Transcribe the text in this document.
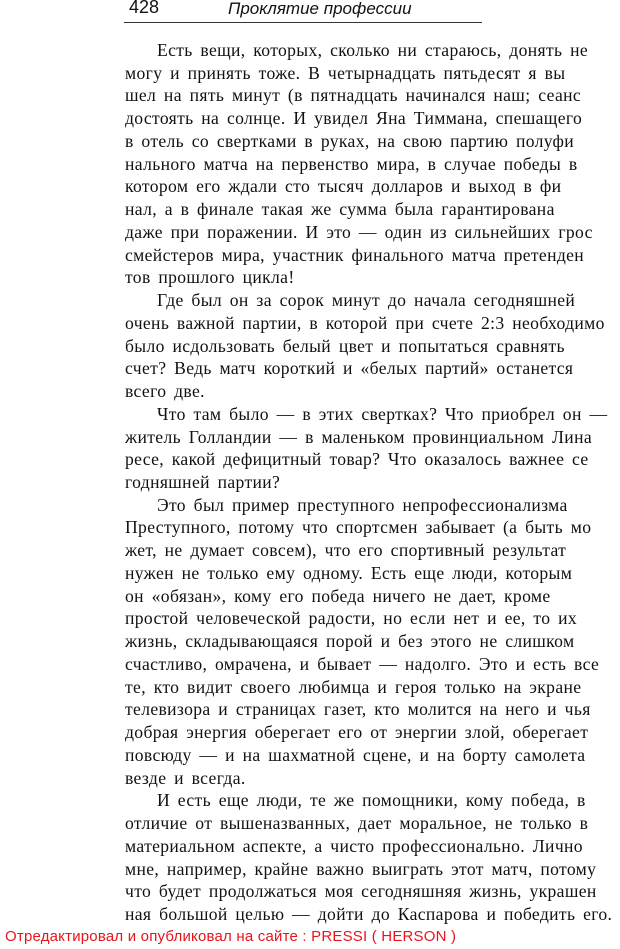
428	Проклятие профессии
Есть вещи, которых, сколько ни стараюсь, донять не
могу и принять тоже. В четырнадцать пятьдесят я вы
шел на пять минут (в пятнадцать начинался наш; сеанс
достоять на солнце. И увидел Яна Тиммана, спешащего
в отель со свертками в руках, на свою партию полуфи
нального матча на первенство мира, в случае победы в
котором его ждали сто тысяч долларов и выход в фи
нал, а в финале такая же сумма была гарантирована
даже при поражении. И это — один из сильнейших грос
смейстеров мира, участник финального матча претенден
тов прошлого цикла!
Где был он за сорок минут до начала сегодняшней
очень важной партии, в которой при счете 2:3 необходимо
было исдользовать белый цвет и попытаться сравнять
счет? Ведь матч короткий и «белых партий» останется
всего две.
Что там было — в этих свертках? Что приобрел он —
житель Голландии — в маленьком провинциальном Лина
ресе, какой дефицитный товар? Что оказалось важнее се
годняшней партии?
Это был пример преступного непрофессионализма
Преступного, потому что спортсмен забывает (а быть мо
жет, не думает совсем), что его спортивный результат
нужен не только ему одному. Есть еще люди, которым
он «обязан», кому его победа ничего не дает, кроме
простой человеческой радости, но если нет и ее, то их
жизнь, складывающаяся порой и без этого не слишком
счастливо, омрачена, и бывает — надолго. Это и есть все
те, кто видит своего любимца и героя только на экране
телевизора и страницах газет, кто молится на него и чья
добрая энергия оберегает его от энергии злой, оберегает
повсюду — и на шахматной сцене, и на борту самолета
везде и всегда.
И есть еще люди, те же помощники, кому победа, в
отличие от вышеназванных, дает моральное, не только в
материальном аспекте, а чисто профессионально. Лично
мне, например, крайне важно выиграть этот матч, потому
что будет продолжаться моя сегодняшняя жизнь, украшен
ная большой целью — дойти до Каспарова и победить его.
Отредактировал и опубликовал на сайте : PRESSI ( HERSON )
